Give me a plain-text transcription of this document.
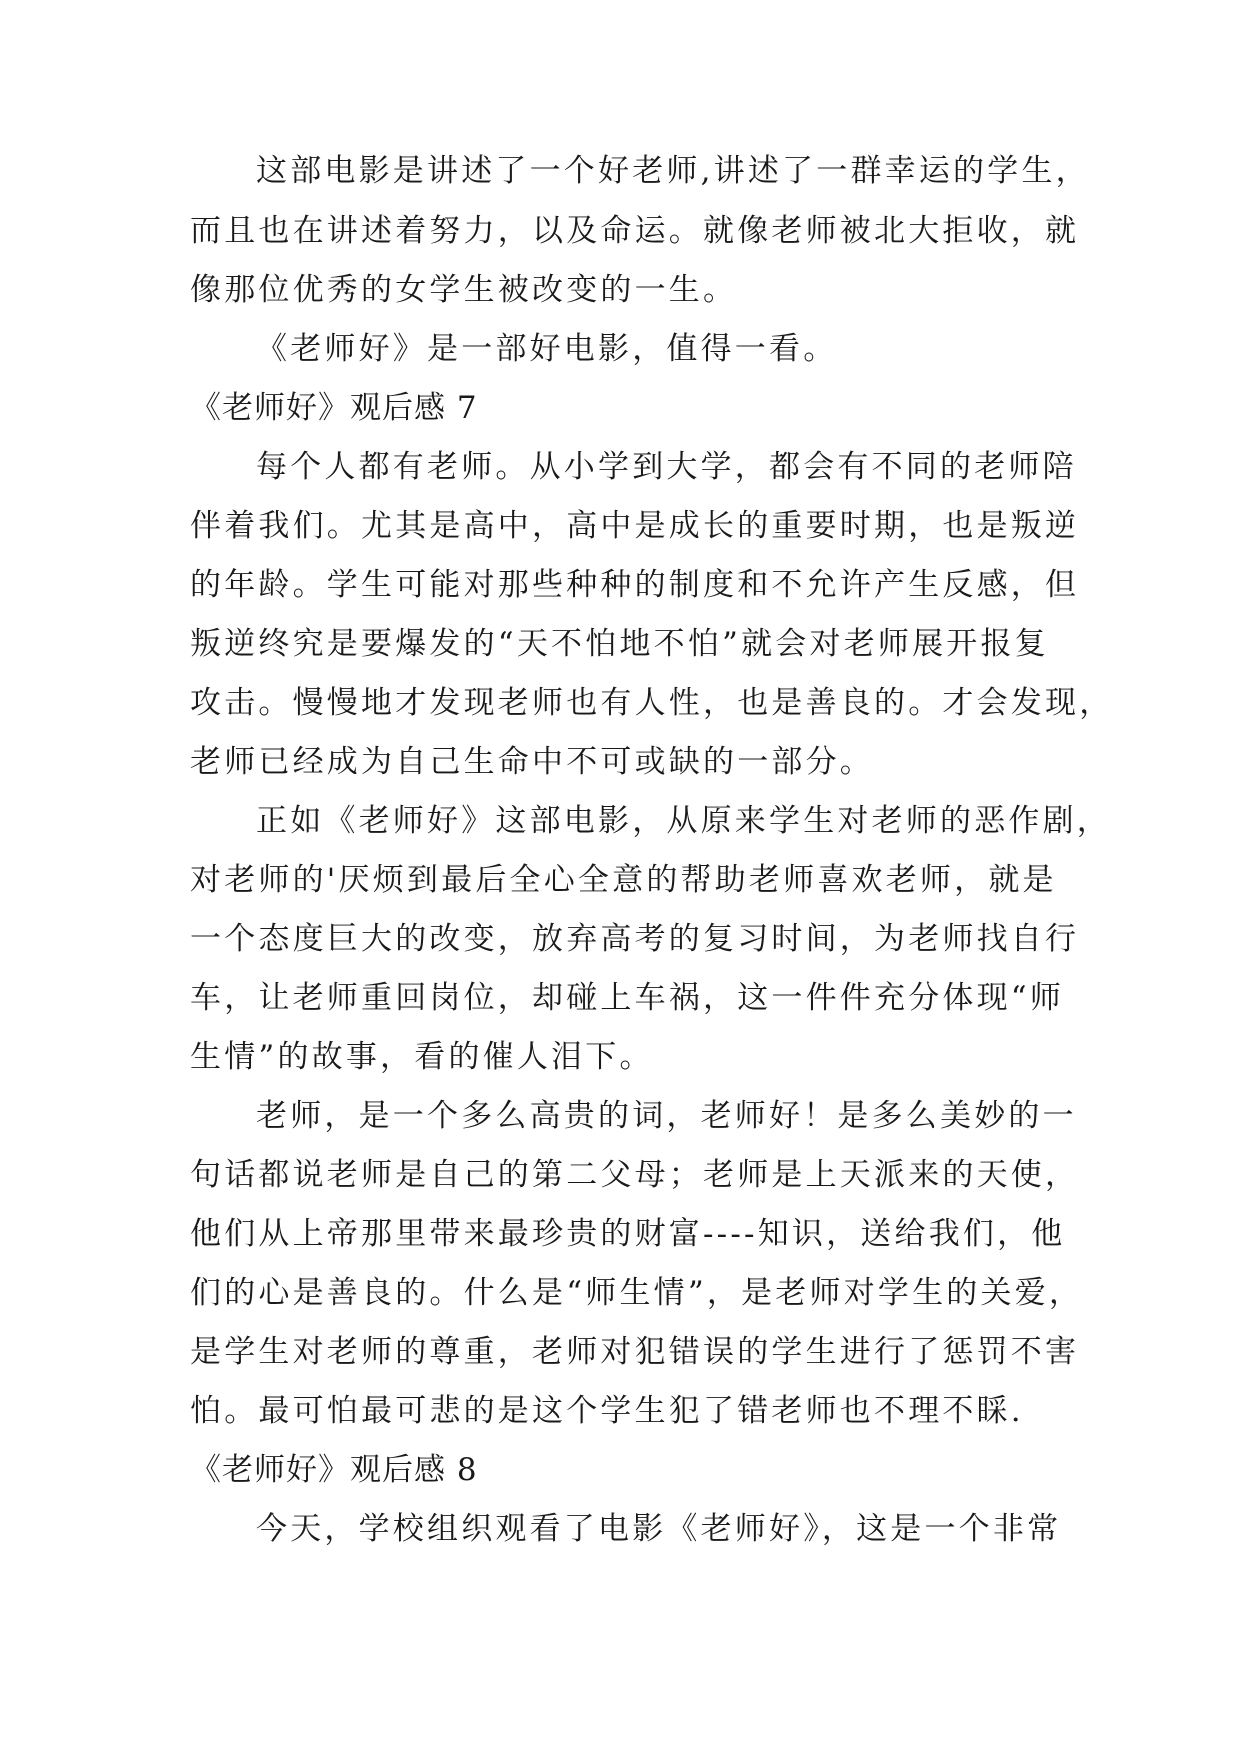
这部电影是讲述了一个好老师,讲述了一群幸运的学生，
而且也在讲述着努力，以及命运。就像老师被北大拒收，就
像那位优秀的女学生被改变的一生。
《老师好》是一部好电影，值得一看。
《老师好》观后感 7
每个人都有老师。从小学到大学，都会有不同的老师陪
伴着我们。尤其是高中，高中是成长的重要时期，也是叛逆
的年龄。学生可能对那些种种的制度和不允许产生反感，但
叛逆终究是要爆发的“天不怕地不怕”就会对老师展开报复
攻击。慢慢地才发现老师也有人性，也是善良的。才会发现，
老师已经成为自己生命中不可或缺的一部分。
正如《老师好》这部电影，从原来学生对老师的恶作剧，
对老师的'厌烦到最后全心全意的帮助老师喜欢老师，就是
一个态度巨大的改变，放弃高考的复习时间，为老师找自行
车，让老师重回岗位，却碰上车祸，这一件件充分体现“师
生情”的故事，看的催人泪下。
老师，是一个多么高贵的词，老师好！是多么美妙的一
句话都说老师是自己的第二父母；老师是上天派来的天使，
他们从上帝那里带来最珍贵的财富----知识，送给我们，他
们的心是善良的。什么是“师生情”，是老师对学生的关爱，
是学生对老师的尊重，老师对犯错误的学生进行了惩罚不害
怕。最可怕最可悲的是这个学生犯了错老师也不理不睬.
《老师好》观后感 8
今天，学校组织观看了电影《老师好》，这是一个非常
